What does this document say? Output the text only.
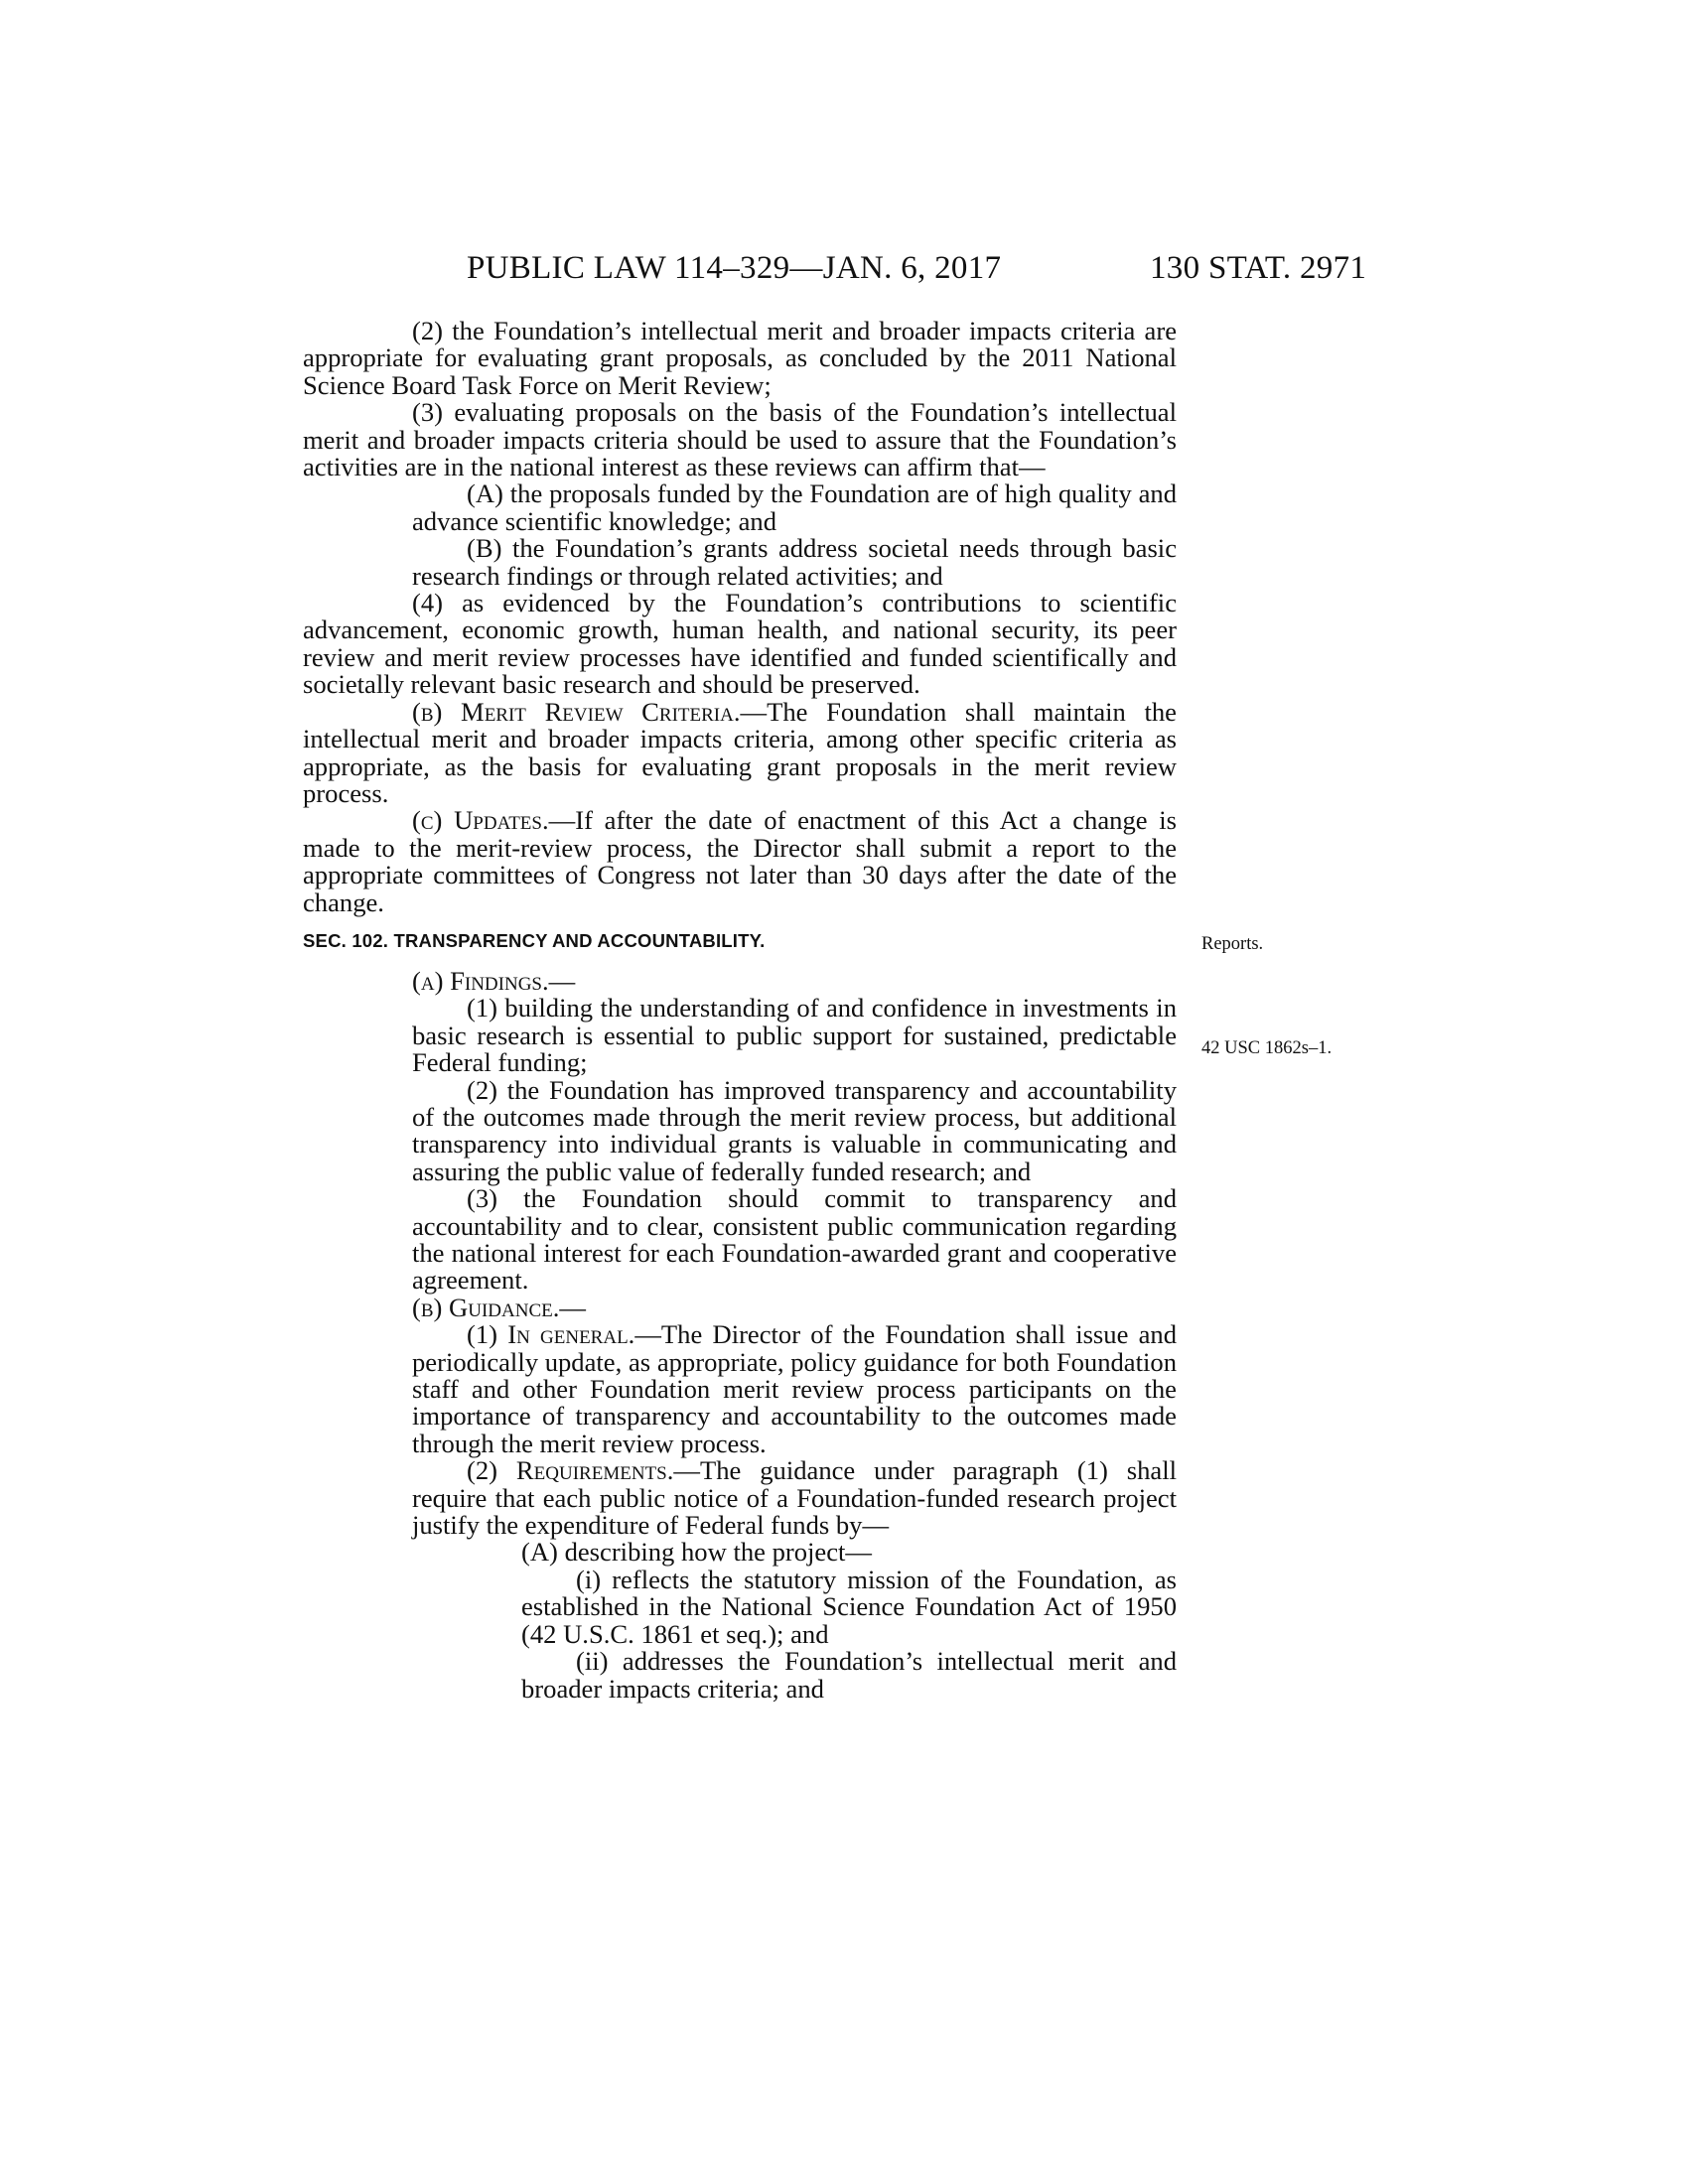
PUBLIC LAW 114–329—JAN. 6, 2017	130 STAT. 2971

(2) the Foundation’s intellectual merit and broader impacts criteria are appropriate for evaluating grant proposals, as concluded by the 2011 National Science Board Task Force on Merit Review;

(3) evaluating proposals on the basis of the Foundation’s intellectual merit and broader impacts criteria should be used to assure that the Foundation’s activities are in the national interest as these reviews can affirm that—

(A) the proposals funded by the Foundation are of high quality and advance scientific knowledge; and

(B) the Foundation’s grants address societal needs through basic research findings or through related activities; and

(4) as evidenced by the Foundation’s contributions to scientific advancement, economic growth, human health, and national security, its peer review and merit review processes have identified and funded scientifically and societally relevant basic research and should be preserved.

(b) Merit Review Criteria.—The Foundation shall maintain the intellectual merit and broader impacts criteria, among other specific criteria as appropriate, as the basis for evaluating grant proposals in the merit review process.

(c) Updates.—If after the date of enactment of this Act a change is made to the merit-review process, the Director shall submit a report to the appropriate committees of Congress not later than 30 days after the date of the change.

SEC. 102. TRANSPARENCY AND ACCOUNTABILITY.

(a) Findings.—

(1) building the understanding of and confidence in investments in basic research is essential to public support for sustained, predictable Federal funding;

(2) the Foundation has improved transparency and accountability of the outcomes made through the merit review process, but additional transparency into individual grants is valuable in communicating and assuring the public value of federally funded research; and

(3) the Foundation should commit to transparency and accountability and to clear, consistent public communication regarding the national interest for each Foundation-awarded grant and cooperative agreement.

(b) Guidance.—

(1) In general.—The Director of the Foundation shall issue and periodically update, as appropriate, policy guidance for both Foundation staff and other Foundation merit review process participants on the importance of transparency and accountability to the outcomes made through the merit review process.

(2) Requirements.—The guidance under paragraph (1) shall require that each public notice of a Foundation-funded research project justify the expenditure of Federal funds by—

(A) describing how the project—

(i) reflects the statutory mission of the Foundation, as established in the National Science Foundation Act of 1950 (42 U.S.C. 1861 et seq.); and

(ii) addresses the Foundation’s intellectual merit and broader impacts criteria; and

Reports.
42 USC 1862s–1.
